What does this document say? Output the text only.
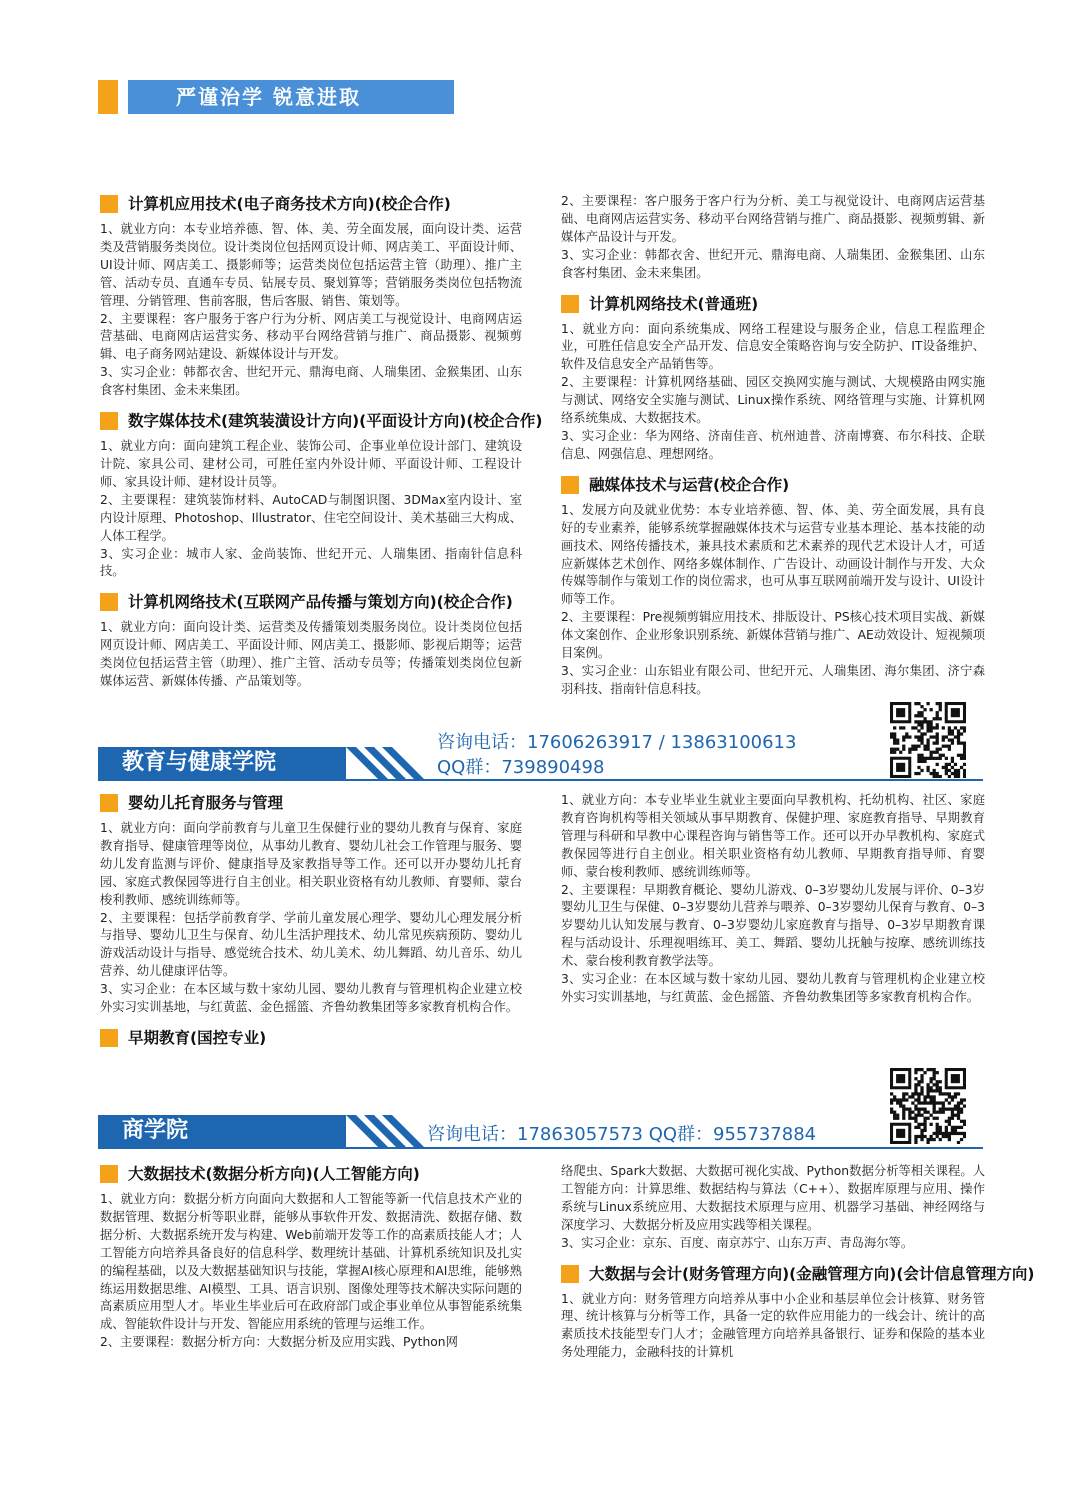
严谨治学 锐意进取
计算机应用技术(电子商务技术方向)(校企合作)

1、就业方向：本专业培养德、智、体、美、劳全面发展，面向设计类、运营类及营销服务类岗位。设计类岗位包括网页设计师、网店美工、平面设计师、UI设计师、网店美工、摄影师等；运营类岗位包括运营主管（助理）、推广主管、活动专员、直通车专员、钻展专员、聚划算等；营销服务类岗位包括物流管理、分销管理、售前客服，售后客服、销售、策划等。

2、主要课程：客户服务于客户行为分析、网店美工与视觉设计、电商网店运营基础、电商网店运营实务、移动平台网络营销与推广、商品摄影、视频剪辑、电子商务网站建设、新媒体设计与开发。

3、实习企业：韩都衣舍、世纪开元、鼎海电商、人瑞集团、金猴集团、山东食客村集团、金未来集团。

数字媒体技术(建筑装潢设计方向)(平面设计方向)(校企合作)

1、就业方向：面向建筑工程企业、装饰公司、企事业单位设计部门、建筑设计院、家具公司、建材公司，可胜任室内外设计师、平面设计师、工程设计师、家具设计师、建材设计员等。

2、主要课程：建筑装饰材料、AutoCAD与制图识图、3DMax室内设计、室内设计原理、Photoshop、Illustrator、住宅空间设计、美术基础三大构成、人体工程学。

3、实习企业：城市人家、金尚装饰、世纪开元、人瑞集团、指南针信息科技。

计算机网络技术(互联网产品传播与策划方向)(校企合作)

1、就业方向：面向设计类、运营类及传播策划类服务岗位。设计类岗位包括网页设计师、网店美工、平面设计师、网店美工、摄影师、影视后期等；运营类岗位包括运营主管（助理）、推广主管、活动专员等；传播策划类岗位包新媒体运营、新媒体传播、产品策划等。

2、主要课程：客户服务于客户行为分析、美工与视觉设计、电商网店运营基础、电商网店运营实务、移动平台网络营销与推广、商品摄影、视频剪辑、新媒体产品设计与开发。

3、实习企业：韩都衣舍、世纪开元、鼎海电商、人瑞集团、金猴集团、山东食客村集团、金未来集团。

计算机网络技术(普通班)

1、就业方向：面向系统集成、网络工程建设与服务企业，信息工程监理企业，可胜任信息安全产品开发、信息安全策略咨询与安全防护、IT设备维护、软件及信息安全产品销售等。

2、主要课程：计算机网络基础、园区交换网实施与测试、大规模路由网实施与测试、网络安全实施与测试、Linux操作系统、网络管理与实施、计算机网络系统集成、大数据技术。

3、实习企业：华为网络、济南佳音、杭州迪普、济南博赛、布尔科技、企联信息、网强信息、理想网络。

融媒体技术与运营(校企合作)

1、发展方向及就业优势：本专业培养德、智、体、美、劳全面发展，具有良好的专业素养，能够系统掌握融媒体技术与运营专业基本理论、基本技能的动画技术、网络传播技术，兼具技术素质和艺术素养的现代艺术设计人才，可适应新媒体艺术创作、网络多媒体制作、广告设计、动画设计制作与开发、大众传媒等制作与策划工作的岗位需求，也可从事互联网前端开发与设计、UI设计师等工作。

2、主要课程：Pre视频剪辑应用技术、排版设计、PS核心技术项目实战、新媒体文案创作、企业形象识别系统、新媒体营销与推广、AE动效设计、短视频项目案例。

3、实习企业：山东铝业有限公司、世纪开元、人瑞集团、海尔集团、济宁森羽科技、指南针信息科技。

教育与健康学院
咨询电话：17606263917 / 13863100613
QQ群：739890498
婴幼儿托育服务与管理

1、就业方向：面向学前教育与儿童卫生保健行业的婴幼儿教育与保育、家庭教育指导、健康管理等岗位，从事幼儿教育、婴幼儿社会工作管理与服务、婴幼儿发育监测与评价、健康指导及家教指导等工作。还可以开办婴幼儿托育园、家庭式教保园等进行自主创业。相关职业资格有幼儿教师、育婴师、蒙台梭利教师、感统训练师等。

2、主要课程：包括学前教育学、学前儿童发展心理学、婴幼儿心理发展分析与指导、婴幼儿卫生与保育、幼儿生活护理技术、幼儿常见疾病预防、婴幼儿游戏活动设计与指导、感觉统合技术、幼儿美术、幼儿舞蹈、幼儿音乐、幼儿营养、幼儿健康评估等。

3、实习企业：在本区域与数十家幼儿园、婴幼儿教育与管理机构企业建立校外实习实训基地，与红黄蓝、金色摇篮、齐鲁幼教集团等多家教育机构合作。

早期教育(国控专业)

1、就业方向：本专业毕业生就业主要面向早教机构、托幼机构、社区、家庭教育咨询机构等相关领域从事早期教育、保健护理、家庭教育指导、早期教育管理与科研和早教中心课程咨询与销售等工作。还可以开办早教机构、家庭式教保园等进行自主创业。相关职业资格有幼儿教师、早期教育指导师、育婴师、蒙台梭利教师、感统训练师等。

2、主要课程：早期教育概论、婴幼儿游戏、0–3岁婴幼儿发展与评价、0–3岁婴幼儿卫生与保健、0–3岁婴幼儿营养与喂养、0–3岁婴幼儿保育与教育、0–3岁婴幼儿认知发展与教育、0–3岁婴幼儿家庭教育与指导、0–3岁早期教育课程与活动设计、乐理视唱练耳、美工、舞蹈、婴幼儿抚触与按摩、感统训练技术、蒙台梭利教育教学法等。

3、实习企业：在本区域与数十家幼儿园、婴幼儿教育与管理机构企业建立校外实习实训基地，与红黄蓝、金色摇篮、齐鲁幼教集团等多家教育机构合作。

商学院	咨询电话：17863057573 QQ群：955737884
大数据技术(数据分析方向)(人工智能方向)

1、就业方向：数据分析方向面向大数据和人工智能等新一代信息技术产业的数据管理、数据分析等职业群，能够从事软件开发、数据清洗、数据存储、数据分析、大数据系统开发与构建、Web前端开发等工作的高素质技能人才；人工智能方向培养具备良好的信息科学、数理统计基础、计算机系统知识及扎实的编程基础，以及大数据基础知识与技能，掌握AI核心原理和AI思维，能够熟练运用数据思维、AI模型、工具、语言识别、图像处理等技术解决实际问题的高素质应用型人才。毕业生毕业后可在政府部门或企事业单位从事智能系统集成、智能软件设计与开发、智能应用系统的管理与运维工作。

2、主要课程：数据分析方向：大数据分析及应用实践、Python网

络爬虫、Spark大数据、大数据可视化实战、Python数据分析等相关课程。人工智能方向：计算思维、数据结构与算法（C++）、数据库原理与应用、操作系统与Linux系统应用、大数据技术原理与应用、机器学习基础、神经网络与深度学习、大数据分析及应用实践等相关课程。

3、实习企业：京东、百度、南京苏宁、山东万声、青岛海尔等。

大数据与会计(财务管理方向)(金融管理方向)(会计信息管理方向)

1、就业方向：财务管理方向培养从事中小企业和基层单位会计核算、财务管理、统计核算与分析等工作，具备一定的软件应用能力的一线会计、统计的高素质技术技能型专门人才；金融管理方向培养具备银行、证券和保险的基本业务处理能力，金融科技的计算机
